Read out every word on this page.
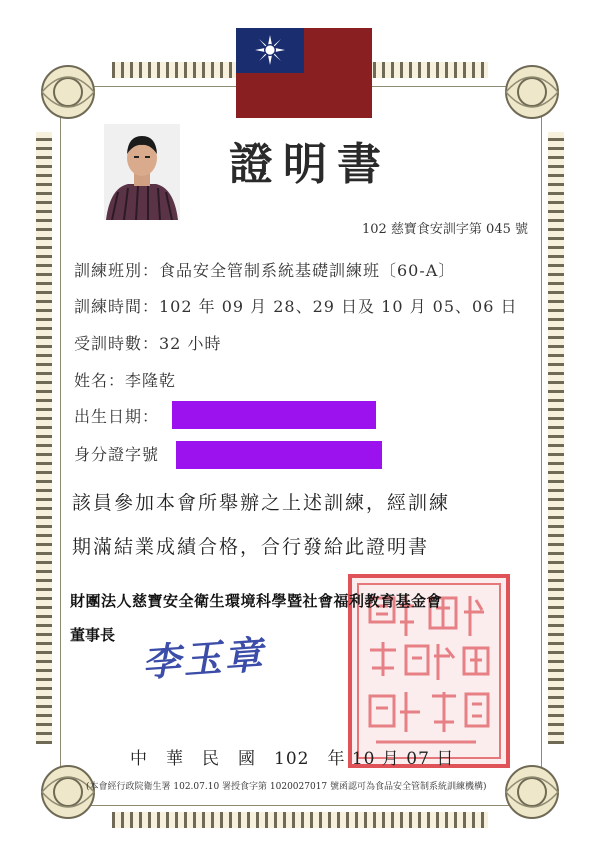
證明書
102 慈寶食安訓字第 045 號
訓練班別：食品安全管制系統基礎訓練班〔60-A〕
訓練時間：102 年 09 月 28、29 日及 10 月 05、06 日
受訓時數：32 小時
姓名：李隆乾
出生日期：
身分證字號
該員參加本會所舉辦之上述訓練，經訓練
期滿結業成績合格，合行發給此證明書
財團法人慈寶安全衛生環境科學暨社會福利教育基金會
董事長 李玉章
中　華　民　國　102　年 10 月 07 日
(本會經行政院衛生署 102.07.10 署授食字第 1020027017 號函認可為食品安全管制系統訓練機構)
